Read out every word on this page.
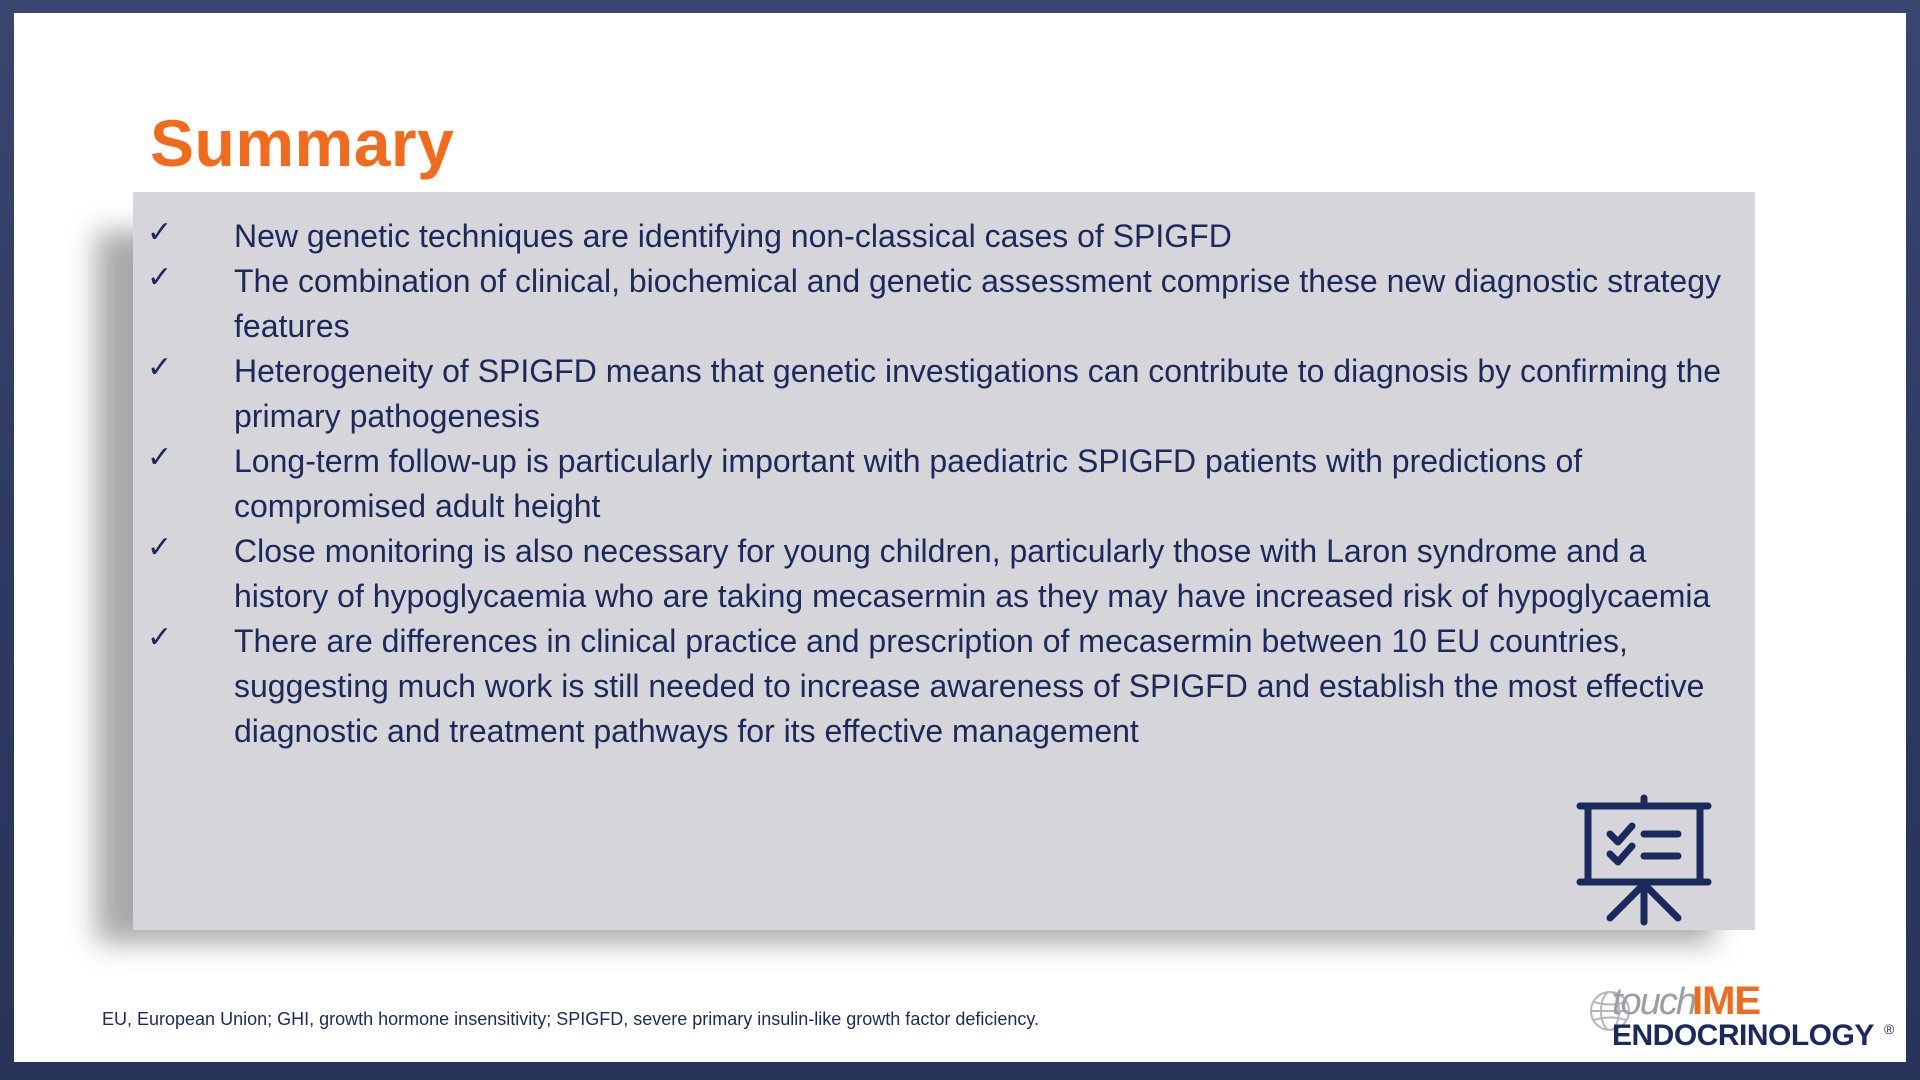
Summary
✓ New genetic techniques are identifying non-classical cases of SPIGFD
✓ The combination of clinical, biochemical and genetic assessment comprise these new diagnostic strategy features
✓ Heterogeneity of SPIGFD means that genetic investigations can contribute to diagnosis by confirming the primary pathogenesis
✓ Long-term follow-up is particularly important with paediatric SPIGFD patients with predictions of compromised adult height
✓ Close monitoring is also necessary for young children, particularly those with Laron syndrome and a history of hypoglycaemia who are taking mecasermin as they may have increased risk of hypoglycaemia
✓ There are differences in clinical practice and prescription of mecasermin between 10 EU countries, suggesting much work is still needed to increase awareness of SPIGFD and establish the most effective diagnostic and treatment pathways for its effective management
EU, European Union; GHI, growth hormone insensitivity; SPIGFD, severe primary insulin-like growth factor deficiency.	touch
IME
ENDOCRINOLOGY ®
